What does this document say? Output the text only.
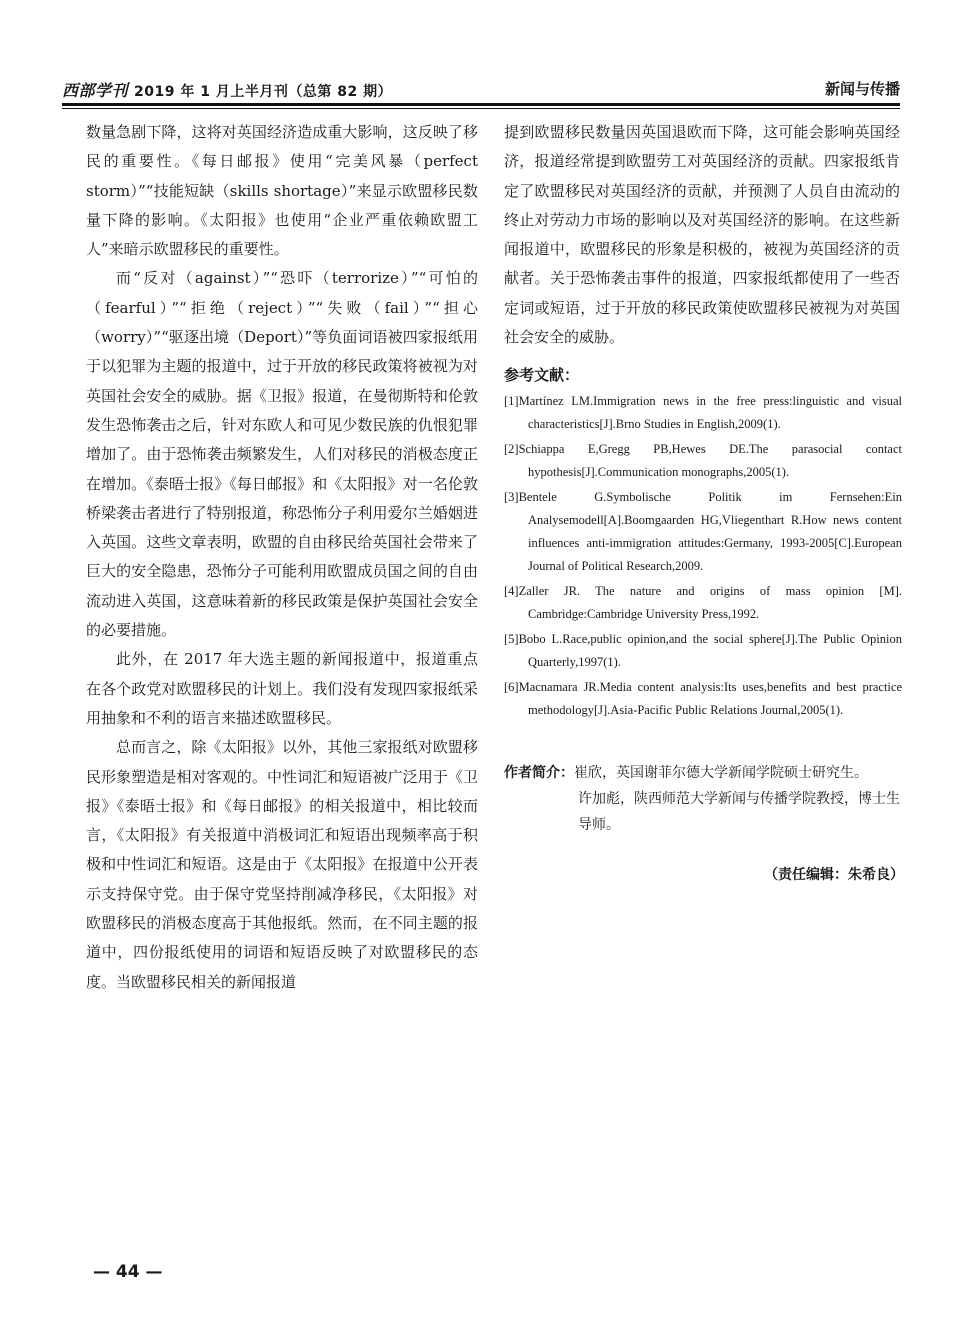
西部学刊 2019 年 1 月上半月刊（总第 82 期）	新闻与传播

数量急剧下降，这将对英国经济造成重大影响，这反映了移民的重要性。《每日邮报》使用“完美风暴（perfect storm）”“技能短缺（skills shortage）”来显示欧盟移民数量下降的影响。《太阳报》也使用“企业严重依赖欧盟工人”来暗示欧盟移民的重要性。

而“反对（against）”“恐吓（terrorize）”“可怕的（fearful）”“拒绝（reject）”“失败（fail）”“担心（worry）”“驱逐出境（Deport）”等负面词语被四家报纸用于以犯罪为主题的报道中，过于开放的移民政策将被视为对英国社会安全的威胁。据《卫报》报道，在曼彻斯特和伦敦发生恐怖袭击之后，针对东欧人和可见少数民族的仇恨犯罪增加了。由于恐怖袭击频繁发生，人们对移民的消极态度正在增加。《泰晤士报》《每日邮报》和《太阳报》对一名伦敦桥梁袭击者进行了特别报道，称恐怖分子利用爱尔兰婚姻进入英国。这些文章表明，欧盟的自由移民给英国社会带来了巨大的安全隐患，恐怖分子可能利用欧盟成员国之间的自由流动进入英国，这意味着新的移民政策是保护英国社会安全的必要措施。

此外，在 2017 年大选主题的新闻报道中，报道重点在各个政党对欧盟移民的计划上。我们没有发现四家报纸采用抽象和不利的语言来描述欧盟移民。

总而言之，除《太阳报》以外，其他三家报纸对欧盟移民形象塑造是相对客观的。中性词汇和短语被广泛用于《卫报》《泰晤士报》和《每日邮报》的相关报道中，相比较而言，《太阳报》有关报道中消极词汇和短语出现频率高于积极和中性词汇和短语。这是由于《太阳报》在报道中公开表示支持保守党。由于保守党坚持削减净移民，《太阳报》对欧盟移民的消极态度高于其他报纸。然而，在不同主题的报道中，四份报纸使用的词语和短语反映了对欧盟移民的态度。当欧盟移民相关的新闻报道

提到欧盟移民数量因英国退欧而下降，这可能会影响英国经济，报道经常提到欧盟劳工对英国经济的贡献。四家报纸肯定了欧盟移民对英国经济的贡献，并预测了人员自由流动的终止对劳动力市场的影响以及对英国经济的影响。在这些新闻报道中，欧盟移民的形象是积极的，被视为英国经济的贡献者。关于恐怖袭击事件的报道，四家报纸都使用了一些否定词或短语，过于开放的移民政策使欧盟移民被视为对英国社会安全的威胁。

参考文献：

[1]Martínez LM.Immigration news in the free press:linguistic and visual characteristics[J].Brno Studies in English,2009(1).

[2]Schiappa E,Gregg PB,Hewes DE.The parasocial contact hypothesis[J].Communication monographs,2005(1).

[3]Bentele G.Symbolische Politik im Fernsehen:Ein Analysemodell[A].Boomgaarden HG,Vliegenthart R.How news content influences anti-immigration attitudes:Germany, 1993-2005[C].European Journal of Political Research,2009.

[4]Zaller JR. The nature and origins of mass opinion [M]. Cambridge:Cambridge University Press,1992.

[5]Bobo L.Race,public opinion,and the social sphere[J].The Public Opinion Quarterly,1997(1).

[6]Macnamara JR.Media content analysis:Its uses,benefits and best practice methodology[J].Asia-Pacific Public Relations Journal,2005(1).

作者简介： 崔欣，英国谢菲尔德大学新闻学院硕士研究生。
许加彪，陕西师范大学新闻与传播学院教授，博士生导师。
（责任编辑：朱希良）
— 44 —
